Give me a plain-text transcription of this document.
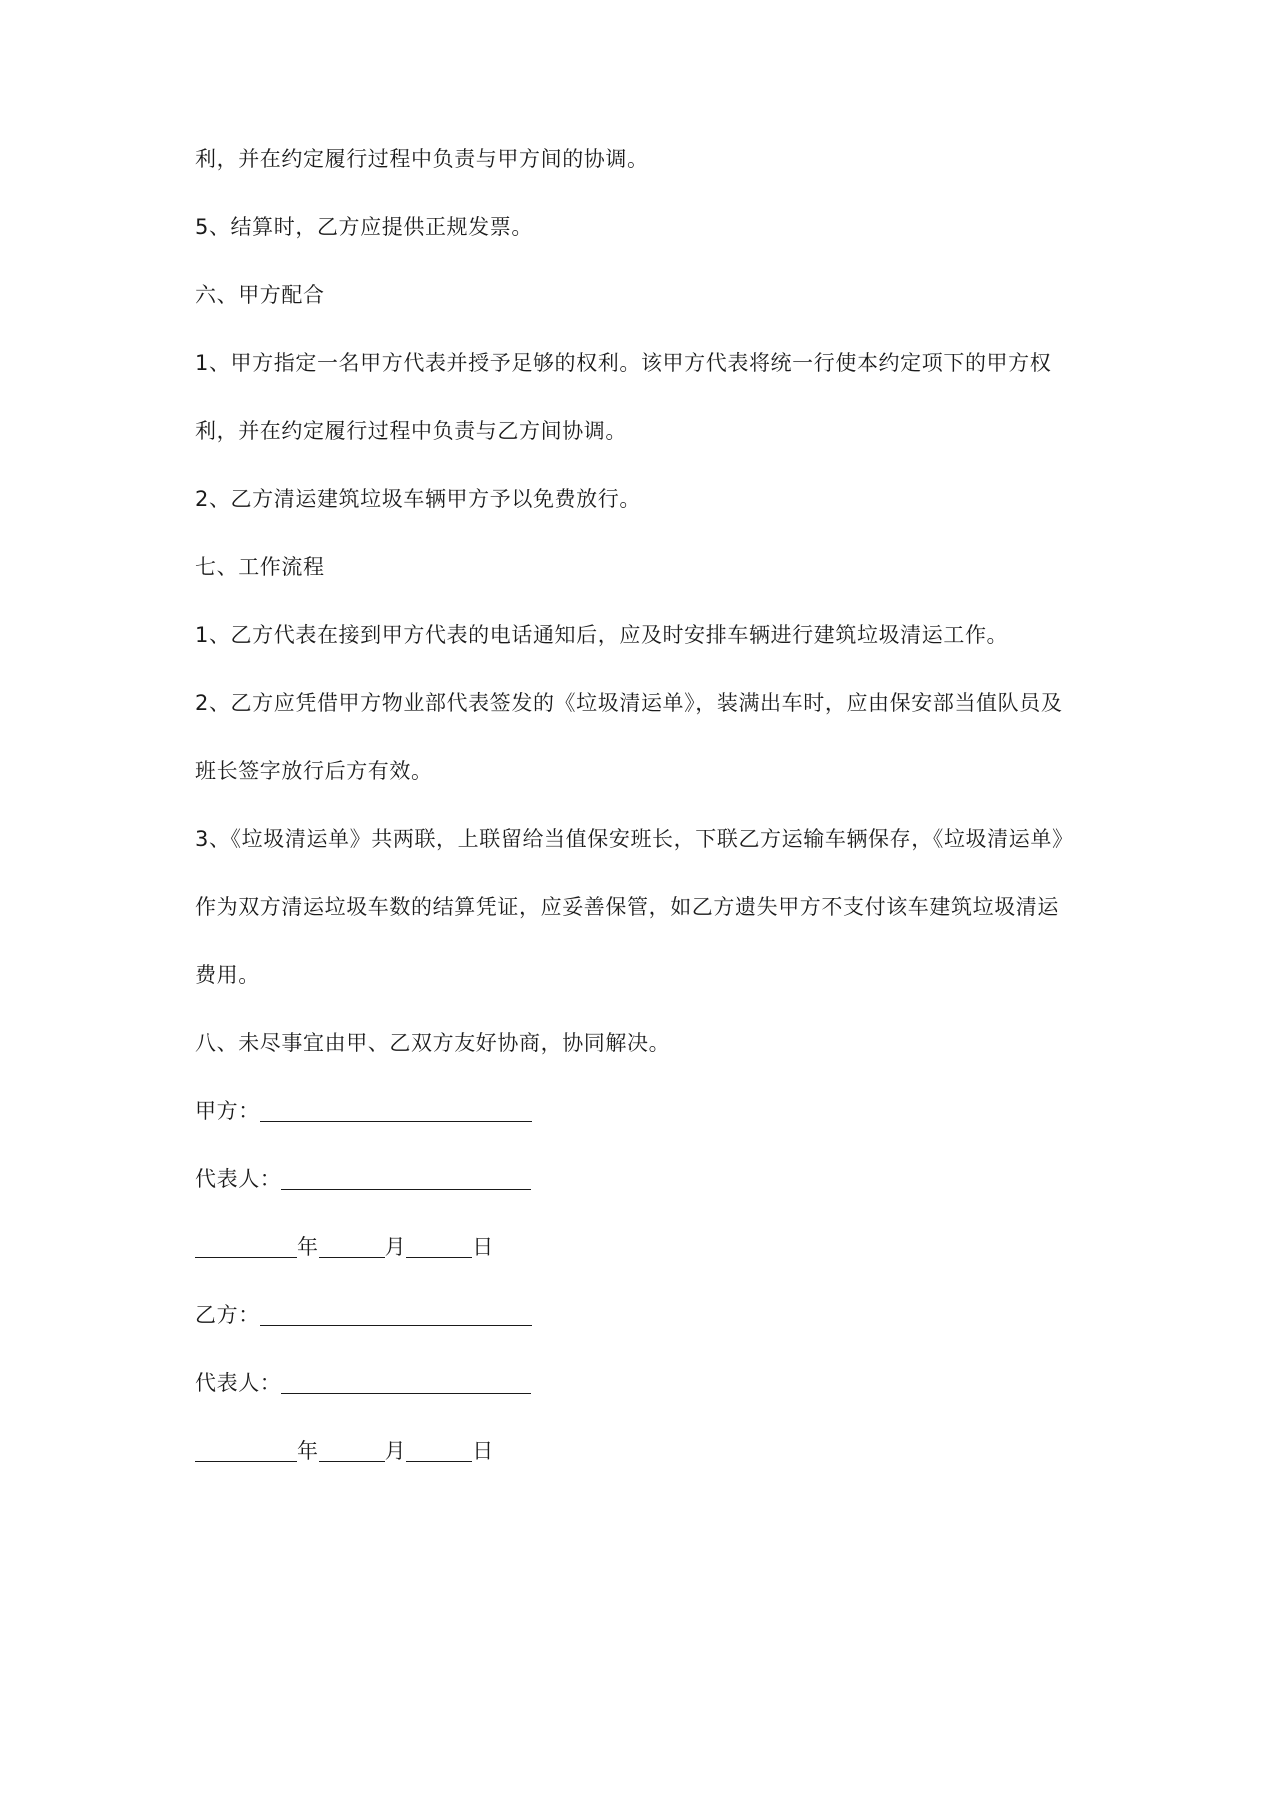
利，并在约定履行过程中负责与甲方间的协调。
5、结算时，乙方应提供正规发票。
六、甲方配合
1、甲方指定一名甲方代表并授予足够的权利。该甲方代表将统一行使本约定项下的甲方权
利，并在约定履行过程中负责与乙方间协调。
2、乙方清运建筑垃圾车辆甲方予以免费放行。
七、工作流程
1、乙方代表在接到甲方代表的电话通知后，应及时安排车辆进行建筑垃圾清运工作。
2、乙方应凭借甲方物业部代表签发的《垃圾清运单》，装满出车时，应由保安部当值队员及
班长签字放行后方有效。
3、《垃圾清运单》共两联，上联留给当值保安班长，下联乙方运输车辆保存，《垃圾清运单》
作为双方清运垃圾车数的结算凭证，应妥善保管，如乙方遗失甲方不支付该车建筑垃圾清运
费用。
八、未尽事宜由甲、乙双方友好协商，协同解决。
甲方：
代表人：
年	月	日
乙方：
代表人：
年	月	日
